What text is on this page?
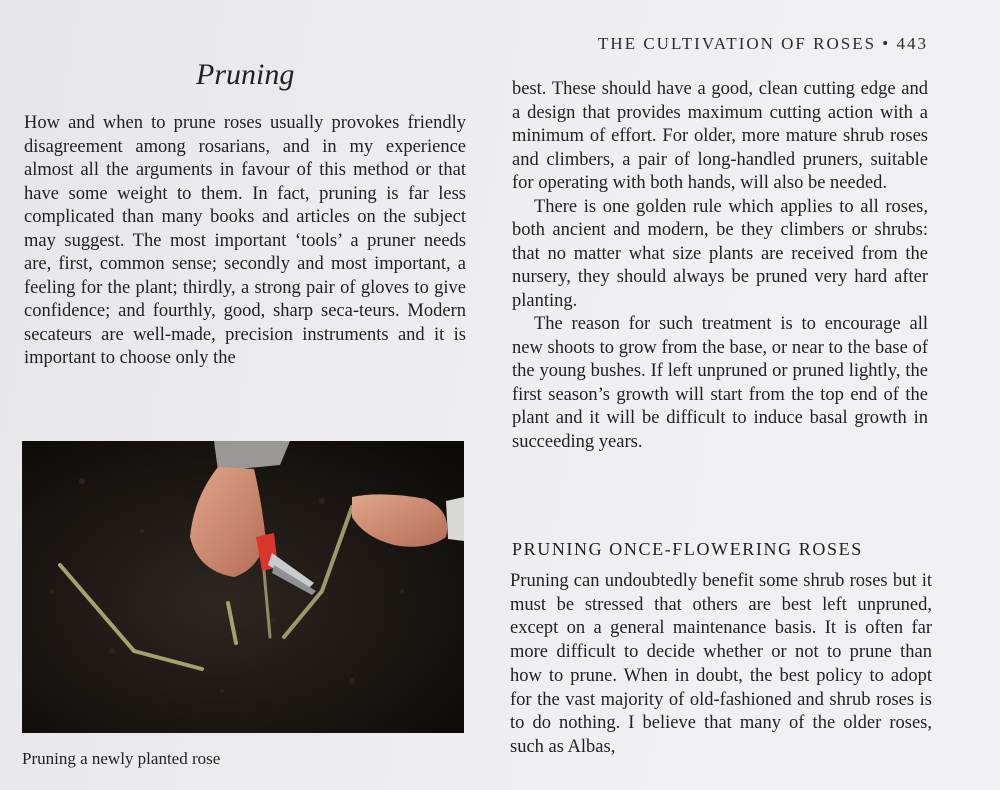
THE CULTIVATION OF ROSES • 443
Pruning

How and when to prune roses usually provokes friendly disagreement among rosarians, and in my experience almost all the arguments in favour of this method or that have some weight to them. In fact, pruning is far less complicated than many books and articles on the subject may suggest. The most important ‘tools’ a pruner needs are, first, common sense; secondly and most important, a feeling for the plant; thirdly, a strong pair of gloves to give confidence; and fourthly, good, sharp seca-teurs. Modern secateurs are well-made, precision instruments and it is important to choose only the

best. These should have a good, clean cutting edge and a design that provides maximum cutting action with a minimum of effort. For older, more mature shrub roses and climbers, a pair of long-handled pruners, suitable for operating with both hands, will also be needed.

There is one golden rule which applies to all roses, both ancient and modern, be they climbers or shrubs: that no matter what size plants are received from the nursery, they should always be pruned very hard after planting.

The reason for such treatment is to encourage all new shoots to grow from the base, or near to the base of the young bushes. If left unpruned or pruned lightly, the first season’s growth will start from the top end of the plant and it will be difficult to induce basal growth in succeeding years.

PRUNING ONCE-FLOWERING ROSES

Pruning can undoubtedly benefit some shrub roses but it must be stressed that others are best left unpruned, except on a general maintenance basis. It is often far more difficult to decide whether or not to prune than how to prune. When in doubt, the best policy to adopt for the vast majority of old-fashioned and shrub roses is to do nothing. I believe that many of the older roses, such as Albas,

Pruning a newly planted rose
